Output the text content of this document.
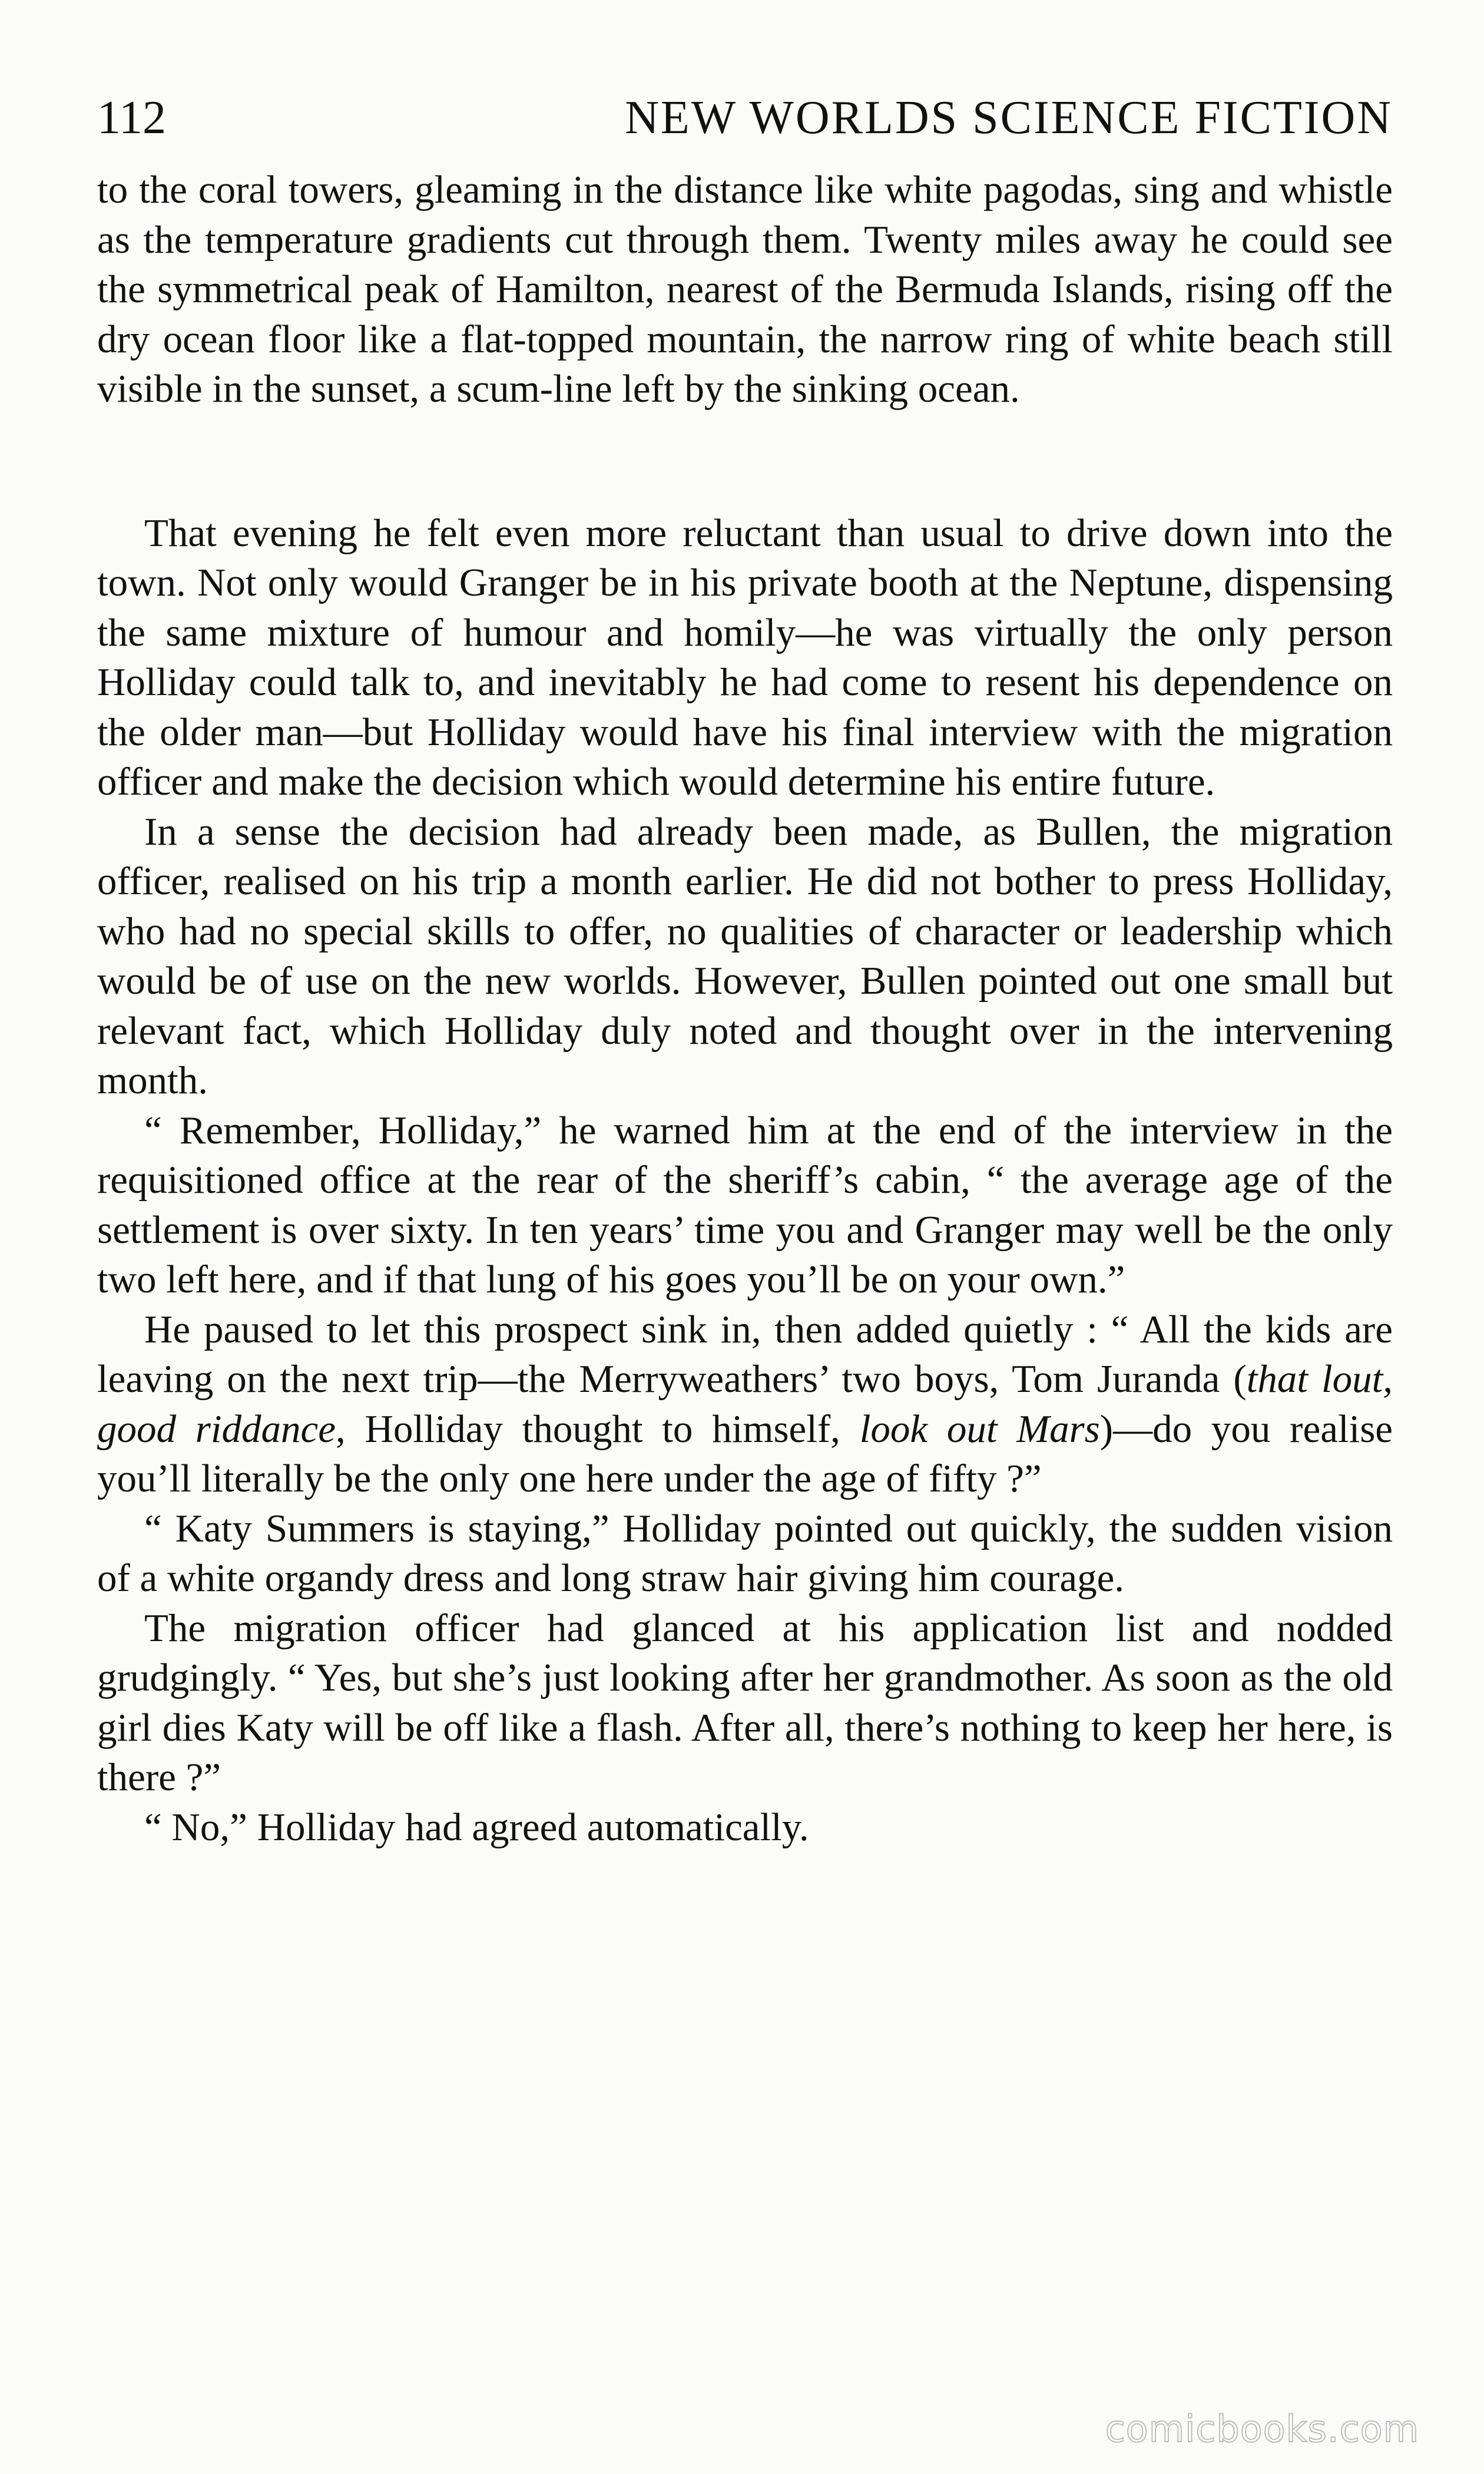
112	NEW WORLDS SCIENCE FICTION

to the coral towers, gleaming in the distance like white pagodas, sing and whistle as the temperature gradients cut through them. Twenty miles away he could see the symmetrical peak of Hamilton, nearest of the Bermuda Islands, rising off the dry ocean floor like a flat-topped mountain, the narrow ring of white beach still visible in the sunset, a scum-line left by the sinking ocean.

That evening he felt even more reluctant than usual to drive down into the town. Not only would Granger be in his private booth at the Neptune, dispensing the same mixture of humour and homily—he was virtually the only person Holliday could talk to, and inevitably he had come to resent his dependence on the older man—but Holliday would have his final interview with the migration officer and make the decision which would determine his entire future.

In a sense the decision had already been made, as Bullen, the migration officer, realised on his trip a month earlier. He did not bother to press Holliday, who had no special skills to offer, no qualities of character or leadership which would be of use on the new worlds. However, Bullen pointed out one small but relevant fact, which Holliday duly noted and thought over in the intervening month.

“ Remember, Holliday,” he warned him at the end of the interview in the requisitioned office at the rear of the sheriff’s cabin, “ the average age of the settlement is over sixty. In ten years’ time you and Granger may well be the only two left here, and if that lung of his goes you’ll be on your own.”

He paused to let this prospect sink in, then added quietly : “ All the kids are leaving on the next trip—the Merryweathers’ two boys, Tom Juranda (that lout, good riddance, Holliday thought to himself, look out Mars)—do you realise you’ll literally be the only one here under the age of fifty ?”

“ Katy Summers is staying,” Holliday pointed out quickly, the sudden vision of a white organdy dress and long straw hair giving him courage.

The migration officer had glanced at his application list and nodded grudgingly. “ Yes, but she’s just looking after her grandmother. As soon as the old girl dies Katy will be off like a flash. After all, there’s nothing to keep her here, is there ?”

“ No,” Holliday had agreed automatically.

comicbooks.com
